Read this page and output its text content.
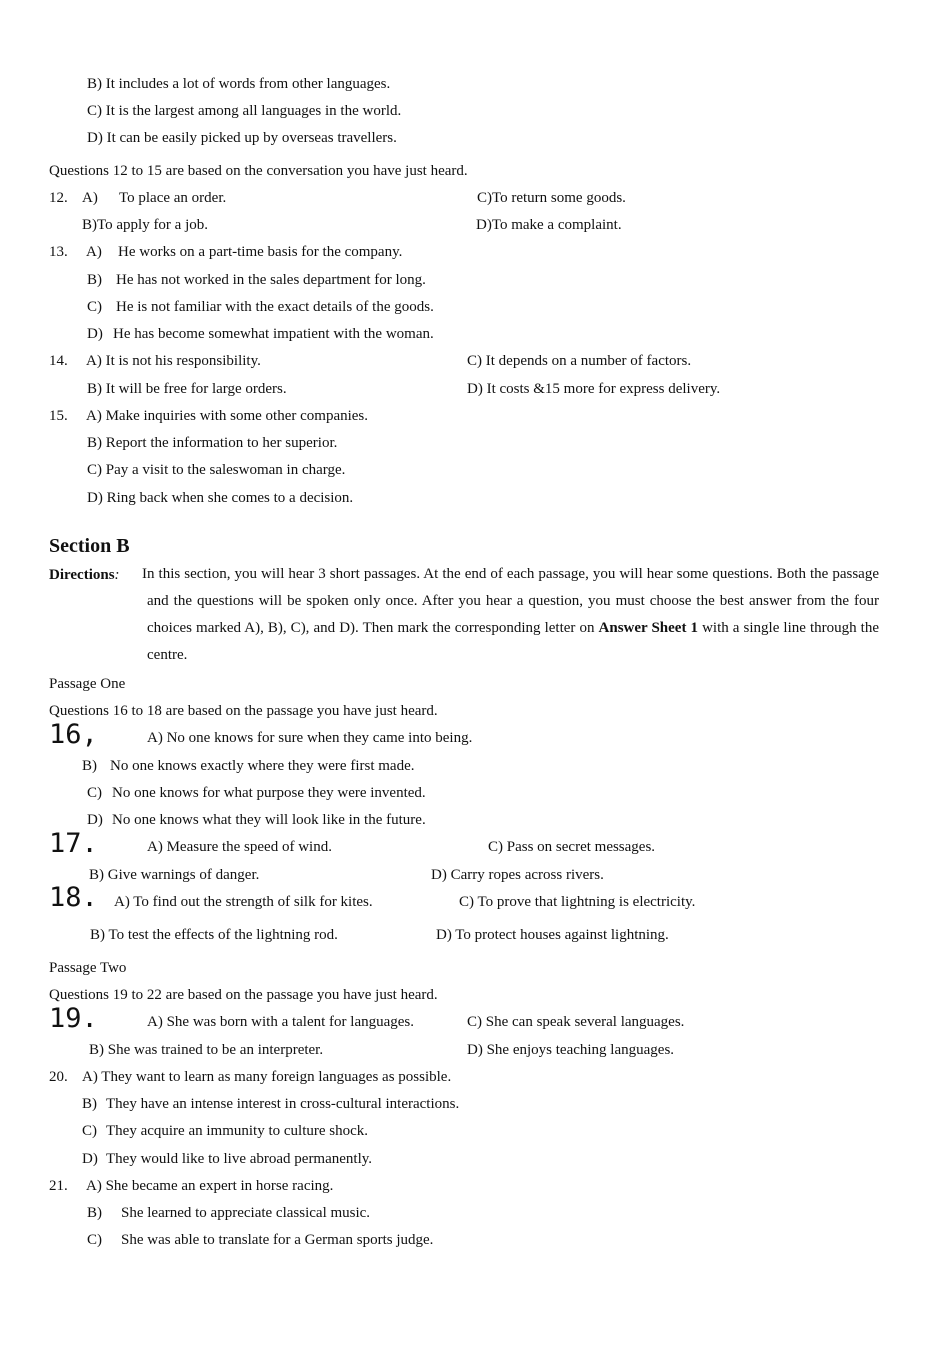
B) It includes a lot of words from other languages.
C) It is the largest among all languages in the world.
D) It can be easily picked up by overseas travellers.
Questions 12 to 15 are based on the conversation you have just heard.
12. A) To place an order.	C)To return some goods.
B)To apply for a job.	D)To make a complaint.
13. A) He works on a part-time basis for the company.
B) He has not worked in the sales department for long.
C) He is not familiar with the exact details of the goods.
D) He has become somewhat impatient with the woman.
14. A) It is not his responsibility.	C) It depends on a number of factors.
B) It will be free for large orders.	D) It costs &15 more for express delivery.
15. A) Make inquiries with some other companies.
B) Report the information to her superior.
C) Pay a visit to the saleswoman in charge.
D) Ring back when she comes to a decision.
Section B
Directions: In this section, you will hear 3 short passages. At the end of each passage, you will hear some questions. Both the passage and the questions will be spoken only once. After you hear a question, you must choose the best answer from the four choices marked A), B), C), and D). Then mark the corresponding letter on Answer Sheet 1 with a single line through the centre.
Passage One
Questions 16 to 18 are based on the passage you have just heard.
16,	A) No one knows for sure when they came into being.
B) No one knows exactly where they were first made.
C) No one knows for what purpose they were invented.
D) No one knows what they will look like in the future.
17.	A) Measure the speed of wind.	C) Pass on secret messages.
B) Give warnings of danger.	D) Carry ropes across rivers.
18. A) To find out the strength of silk for kites.	C) To prove that lightning is electricity.
B) To test the effects of the lightning rod.	D) To protect houses against lightning.
Passage Two
Questions 19 to 22 are based on the passage you have just heard.
19.	A) She was born with a talent for languages.	C) She can speak several languages.
B) She was trained to be an interpreter.	D) She enjoys teaching languages.
20. A) They want to learn as many foreign languages as possible.
B) They have an intense interest in cross-cultural interactions.
C) They acquire an immunity to culture shock.
D) They would like to live abroad permanently.
21. A) She became an expert in horse racing.
B) She learned to appreciate classical music.
C) She was able to translate for a German sports judge.
